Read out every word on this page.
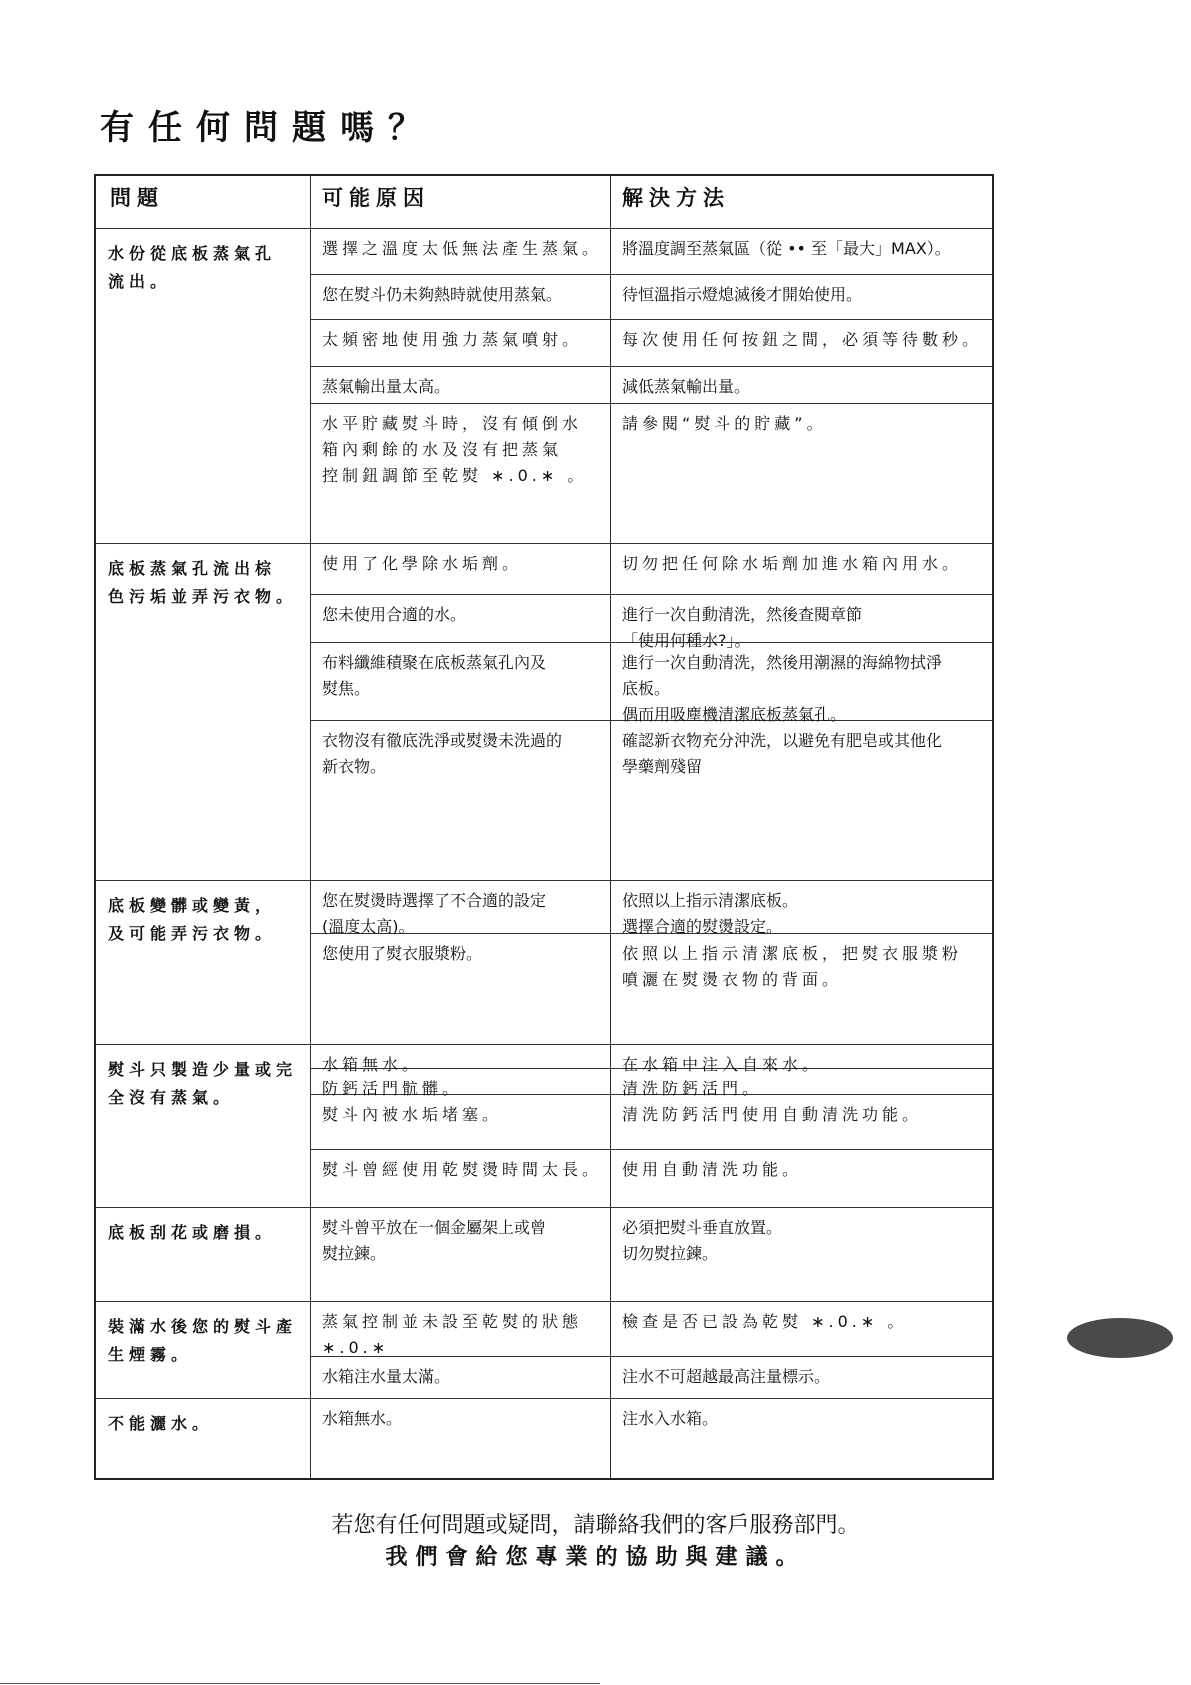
有任何問題嗎？
問題	可能原因	解決方法
水份從底板蒸氣孔
流出。
底板蒸氣孔流出棕
色污垢並弄污衣物。
底板變髒或變黃，
及可能弄污衣物。
熨斗只製造少量或完
全沒有蒸氣。
底板刮花或磨損。
裝滿水後您的熨斗產
生煙霧。
不能灑水。
選擇之溫度太低無法產生蒸氣。
您在熨斗仍未夠熱時就使用蒸氣。
太頻密地使用強力蒸氣噴射。
蒸氣輸出量太高。
水平貯藏熨斗時，沒有傾倒水
箱內剩餘的水及沒有把蒸氣
控制鈕調節至乾熨 ∗.0.∗ 。
使用了化學除水垢劑。
您未使用合適的水。
布料纖維積聚在底板蒸氣孔內及
熨焦。
衣物沒有徹底洗淨或熨燙未洗過的
新衣物。
您在熨燙時選擇了不合適的設定
(溫度太高)。
您使用了熨衣服漿粉。
水箱無水。
防鈣活門骯髒。
熨斗內被水垢堵塞。
熨斗曾經使用乾熨燙時間太長。
熨斗曾平放在一個金屬架上或曾
熨拉鍊。
蒸氣控制並未設至乾熨的狀態
∗.0.∗
水箱注水量太滿。
水箱無水。
將溫度調至蒸氣區（從 •• 至「最大」MAX）。
待恒溫指示燈熄滅後才開始使用。
每次使用任何按鈕之間，必須等待數秒。
減低蒸氣輸出量。
請參閱“熨斗的貯藏”。
切勿把任何除水垢劑加進水箱內用水。
進行一次自動清洗，然後查閱章節
「使用何種水?」。
進行一次自動清洗，然後用潮濕的海綿物拭淨
底板。
偶而用吸塵機清潔底板蒸氣孔。
確認新衣物充分沖洗，以避免有肥皂或其他化
學藥劑殘留
依照以上指示清潔底板。
選擇合適的熨燙設定。
依照以上指示清潔底板，把熨衣服漿粉
噴灑在熨燙衣物的背面。
在水箱中注入自來水。
清洗防鈣活門。
清洗防鈣活門使用自動清洗功能。
使用自動清洗功能。
必須把熨斗垂直放置。
切勿熨拉鍊。
檢查是否已設為乾熨 ∗.0.∗ 。
注水不可超越最高注量標示。
注水入水箱。

若您有任何問題或疑問，請聯絡我們的客戶服務部門。

我們會給您專業的協助與建議。
